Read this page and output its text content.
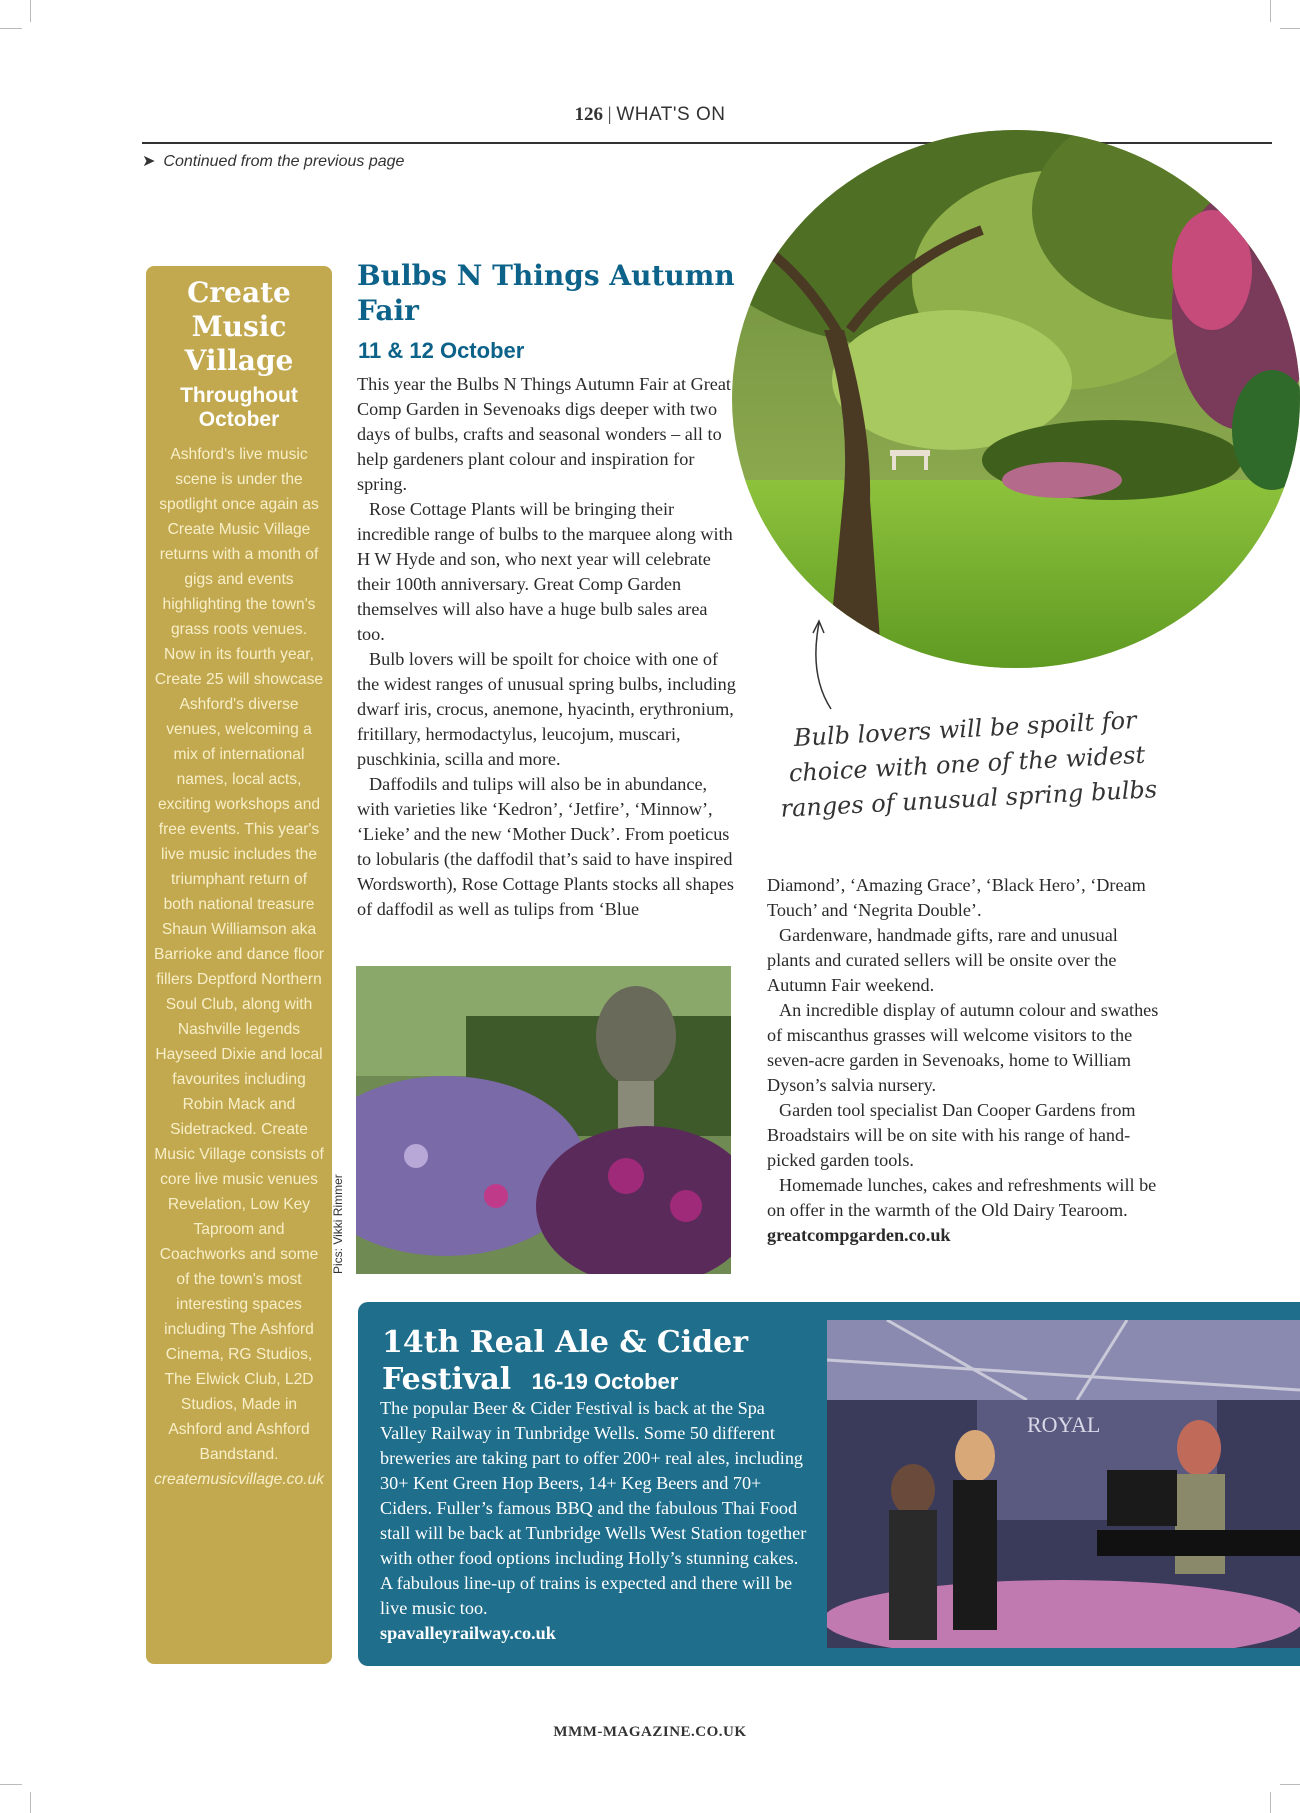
126 | WHAT'S ON
➤ Continued from the previous page
Create Music Village
Throughout October
Ashford's live music scene is under the spotlight once again as Create Music Village returns with a month of gigs and events highlighting the town's grass roots venues. Now in its fourth year, Create 25 will showcase Ashford's diverse venues, welcoming a mix of international names, local acts, exciting workshops and free events. This year's live music includes the triumphant return of both national treasure Shaun Williamson aka Barrioke and dance floor fillers Deptford Northern Soul Club, along with Nashville legends Hayseed Dixie and local favourites including Robin Mack and Sidetracked. Create Music Village consists of core live music venues Revelation, Low Key Taproom and Coachworks and some of the town's most interesting spaces including The Ashford Cinema, RG Studios, The Elwick Club, L2D Studios, Made in Ashford and Ashford Bandstand. createmusicvillage.co.uk
Bulbs N Things Autumn Fair
11 & 12 October

This year the Bulbs N Things Autumn Fair at Great Comp Garden in Sevenoaks digs deeper with two days of bulbs, crafts and seasonal wonders – all to help gardeners plant colour and inspiration for spring.

Rose Cottage Plants will be bringing their incredible range of bulbs to the marquee along with H W Hyde and son, who next year will celebrate their 100th anniversary. Great Comp Garden themselves will also have a huge bulb sales area too.

Bulb lovers will be spoilt for choice with one of the widest ranges of unusual spring bulbs, including dwarf iris, crocus, anemone, hyacinth, erythronium, fritillary, hermodactylus, leucojum, muscari, puschkinia, scilla and more.

Daffodils and tulips will also be in abundance, with varieties like ‘Kedron’, ‘Jetfire’, ‘Minnow’, ‘Lieke’ and the new ‘Mother Duck’. From poeticus to lobularis (the daffodil that’s said to have inspired Wordsworth), Rose Cottage Plants stocks all shapes of daffodil as well as tulips from ‘Blue

Bulb lovers will be spoilt for choice with one of the widest ranges of unusual spring bulbs
Pics: Vikki Rimmer

Diamond’, ‘Amazing Grace’, ‘Black Hero’, ‘Dream Touch’ and ‘Negrita Double’.

Gardenware, handmade gifts, rare and unusual plants and curated sellers will be onsite over the Autumn Fair weekend.

An incredible display of autumn colour and swathes of miscanthus grasses will welcome visitors to the seven-acre garden in Sevenoaks, home to William Dyson’s salvia nursery.

Garden tool specialist Dan Cooper Gardens from Broadstairs will be on site with his range of hand-picked garden tools.

Homemade lunches, cakes and refreshments will be on offer in the warmth of the Old Dairy Tearoom.

greatcompgarden.co.uk

14th Real Ale & Cider Festival 16-19 October
The popular Beer & Cider Festival is back at the Spa Valley Railway in Tunbridge Wells. Some 50 different breweries are taking part to offer 200+ real ales, including 30+ Kent Green Hop Beers, 14+ Keg Beers and 70+ Ciders. Fuller’s famous BBQ and the fabulous Thai Food stall will be back at Tunbridge Wells West Station together with other food options including Holly’s stunning cakes. A fabulous line-up of trains is expected and there will be live music too.
spavalleyrailway.co.uk
ROYAL
MMM-MAGAZINE.CO.UK
